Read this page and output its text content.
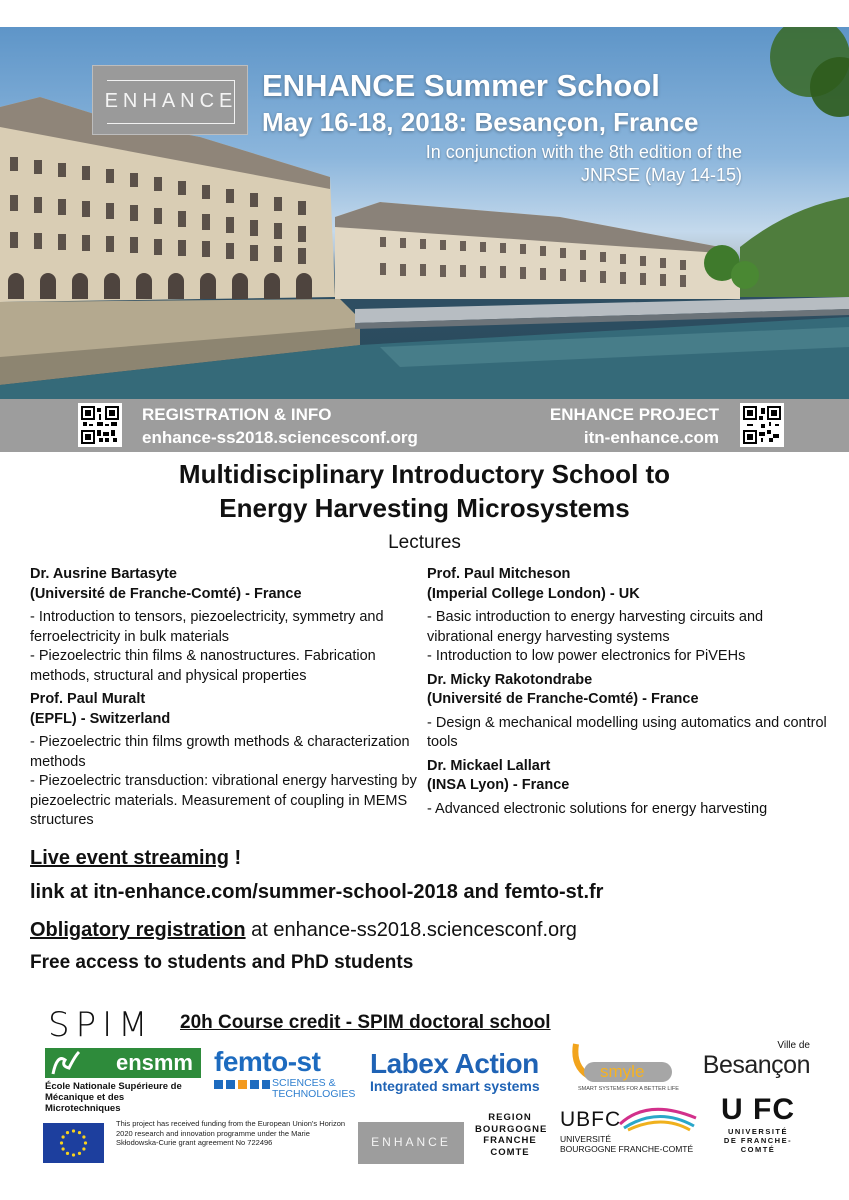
ENHANCE ENHANCE Summer School
May 16-18, 2018: Besançon, France
In conjunction with the 8th edition of the
JNRSE (May 14-15)
REGISTRATION & INFO
enhance-ss2018.sciencesconf.org
ENHANCE PROJECT
itn-enhance.com
Multidisciplinary Introductory School to
Energy Harvesting Microsystems
Lectures
Dr. Ausrine Bartasyte
(Université de Franche-Comté) - France
- Introduction to tensors, piezoelectricity, symmetry and ferroelectricity in bulk materials
- Piezoelectric thin films & nanostructures. Fabrication methods, structural and physical properties
Prof. Paul Muralt
(EPFL) - Switzerland
- Piezoelectric thin films growth methods & characterization methods
- Piezoelectric transduction: vibrational energy harvesting by piezoelectric materials. Measurement of coupling in MEMS structures
Prof. Paul Mitcheson
(Imperial College London) - UK
- Basic introduction to energy harvesting circuits and vibrational energy harvesting systems
- Introduction to low power electronics for PiVEHs
Dr. Micky Rakotondrabe
(Université de Franche-Comté) - France
- Design & mechanical modelling using automatics and control tools
Dr. Mickael Lallart
(INSA Lyon) - France
- Advanced electronic solutions for energy harvesting
Live event streaming !
link at itn-enhance.com/summer-school-2018 and femto-st.fr
Obligatory registration at enhance-ss2018.sciencesconf.org
Free access to students and PhD students
SPIM 20h Course credit - SPIM doctoral school
ensmm
École Nationale Supérieure de
Mécanique et des Microtechniques
femto-st
SCIENCES &
TECHNOLOGIES
Labex Action
Integrated smart systems
smyle
SMART SYSTEMS FOR A BETTER LIFE
Ville de
Besançon
This project has received funding from the European Union's Horizon 2020 research and innovation programme under the Marie Skłodowska-Curie grant agreement No 722496	ENHANCE
REGION
BOURGOGNE
FRANCHE
COMTE
UBFC
UNIVERSITÉ
BOURGOGNE FRANCHE-COMTÉ
U FC
UNIVERSITÉ
DE FRANCHE-COMTÉ
